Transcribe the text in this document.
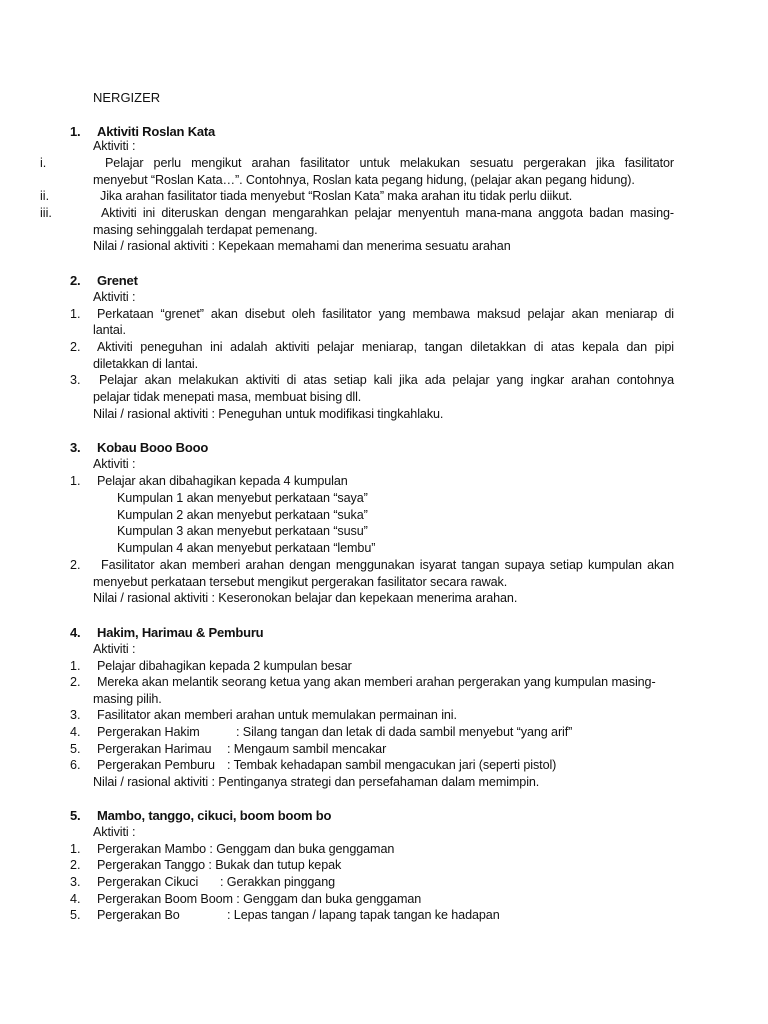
NERGIZER
1. Aktiviti Roslan Kata
Aktiviti :
i.	Pelajar perlu mengikut arahan fasilitator untuk melakukan sesuatu pergerakan jika fasilitator
menyebut “Roslan Kata…”. Contohnya, Roslan kata pegang hidung, (pelajar akan pegang hidung).
ii.	Jika arahan fasilitator tiada menyebut “Roslan Kata” maka arahan itu tidak perlu diikut.
iii.	Aktiviti ini diteruskan dengan mengarahkan pelajar menyentuh mana-mana anggota badan masing-
masing sehinggalah terdapat pemenang.
Nilai / rasional aktiviti : Kepekaan memahami dan menerima sesuatu arahan
2. Grenet
Aktiviti :
1.	Perkataan “grenet” akan disebut oleh fasilitator yang membawa maksud pelajar akan meniarap di
lantai.
2.	Aktiviti peneguhan ini adalah aktiviti pelajar meniarap, tangan diletakkan di atas kepala dan pipi
diletakkan di lantai.
3.	Pelajar akan melakukan aktiviti di atas setiap kali jika ada pelajar yang ingkar arahan contohnya
pelajar tidak menepati masa, membuat bising dll.
Nilai / rasional aktiviti : Peneguhan untuk modifikasi tingkahlaku.
3. Kobau Booo Booo
Aktiviti :
1. Pelajar akan dibahagikan kepada 4 kumpulan
Kumpulan 1 akan menyebut perkataan “saya”
Kumpulan 2 akan menyebut perkataan “suka”
Kumpulan 3 akan menyebut perkataan “susu”
Kumpulan 4 akan menyebut perkataan “lembu”
2.	Fasilitator akan memberi arahan dengan menggunakan isyarat tangan supaya setiap kumpulan akan
menyebut perkataan tersebut mengikut pergerakan fasilitator secara rawak.
Nilai / rasional aktiviti : Keseronokan belajar dan kepekaan menerima arahan.
4. Hakim, Harimau & Pemburu
Aktiviti :
1. Pelajar dibahagikan kepada 2 kumpulan besar
2. Mereka akan melantik seorang ketua yang akan memberi arahan pergerakan yang kumpulan masing-
masing pilih.
3. Fasilitator akan memberi arahan untuk memulakan permainan ini.
4. Pergerakan Hakim	: Silang tangan dan letak di dada sambil menyebut “yang arif”
5. Pergerakan Harimau : Mengaum sambil mencakar
6. Pergerakan Pemburu : Tembak kehadapan sambil mengacukan jari (seperti pistol)
Nilai / rasional aktiviti : Pentinganya strategi dan persefahaman dalam memimpin.
5. Mambo, tanggo, cikuci, boom boom bo
Aktiviti :
1. Pergerakan Mambo : Genggam dan buka genggaman
2. Pergerakan Tanggo : Bukak dan tutup kepak
3. Pergerakan Cikuci : Gerakkan pinggang
4. Pergerakan Boom Boom : Genggam dan buka genggaman
5. Pergerakan Bo	: Lepas tangan / lapang tapak tangan ke hadapan
